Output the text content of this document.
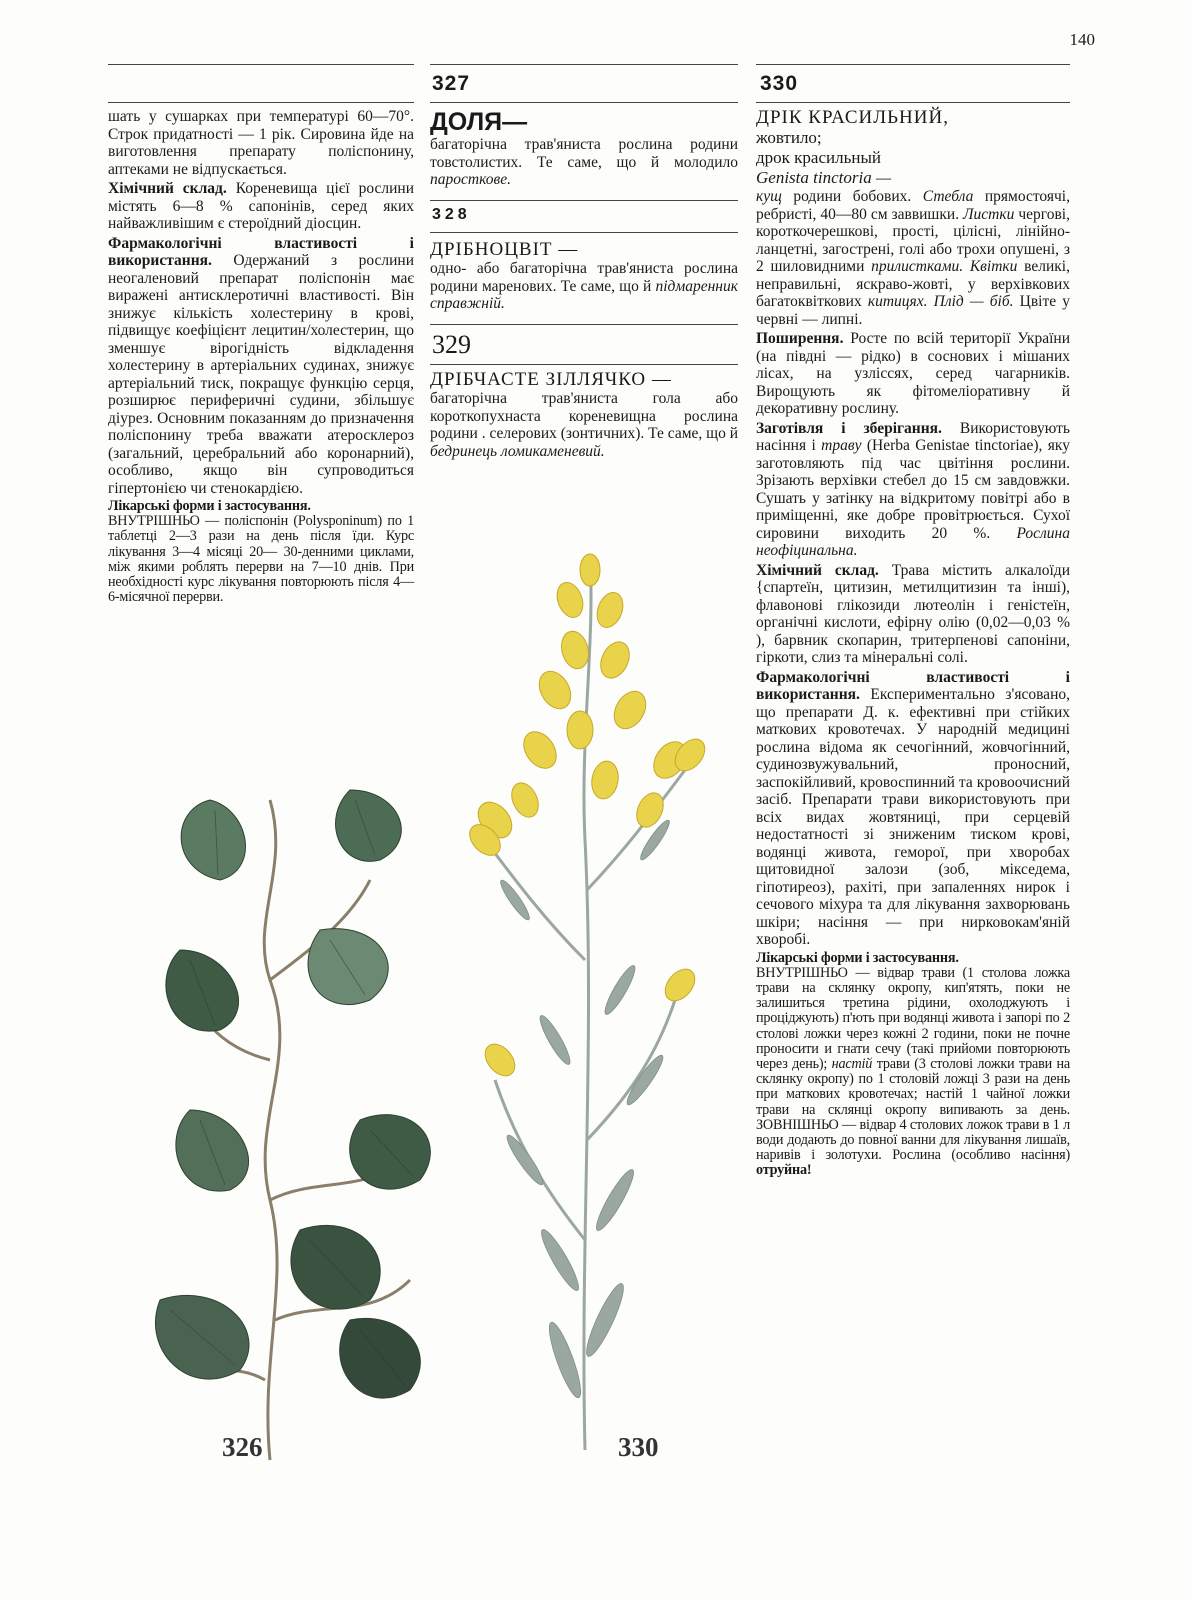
140

шать у сушарках при температурі 60—70°. Строк придатності — 1 рік. Сировина йде на виготовлення препарату поліспонину, аптеками не відпускається.

Хімічний склад. Кореневища цієї рослини містять 6—8 % сапонінів, серед яких найважливішим є стероїдний діосцин.

Фармакологічні властивості і використання. Одержаний з рослини неогаленовий препарат поліспонін має виражені антисклеротичні властивості. Він знижує кількість холестерину в крові, підвищує коефіцієнт лецитин/холестерин, що зменшує вірогідність відкладення холестерину в артеріальних судинах, знижує артеріальний тиск, покращує функцію серця, розширює периферичні судини, збільшує діурез. Основним показанням до призначення поліспонину треба вважати атеросклероз (загальний, церебральний або коронарний), особливо, якщо він супроводиться гіпертонією чи стенокардією.

Лікарські форми і застосування.
ВНУТРІШНЬО — поліспонін (Polysponinum) по 1 таблетці 2—3 рази на день після їди. Курс лікування 3—4 місяці 20— 30-денними циклами, між якими роблять перерви на 7—10 днів. При необхідності курс лікування повторюють після 4—6-місячної перерви.
327
ДОЛЯ—

багаторічна трав'яниста рослина родини товстолистих. Те саме, що й молодило паросткове.

328
ДРІБНОЦВІТ —

одно- або багаторічна трав'яниста рослина родини маренових. Те саме, що й підмаренник справжній.

329
ДРІБЧАСТЕ ЗІЛЛЯЧКО —

багаторічна трав'яниста гола або короткопухнаста кореневищна рослина родини . селерових (зонтичних). Те саме, що й бедринець ломикаменевий.

330
ДРІК КРАСИЛЬНИЙ,
жовтило;
дрок красильный
Genista tinctoria —

кущ родини бобових. Стебла прямостоячі, ребристі, 40—80 см заввишки. Листки чергові, короткочерешкові, прості, цілісні, лінійно-ланцетні, загострені, голі або трохи опушені, з 2 шиловидними прилистками. Квітки великі, неправильні, яскраво-жовті, у верхівкових багатоквіткових китицях. Плід — біб. Цвіте у червні — липні.

Поширення. Росте по всій території України (на півдні — рідко) в соснових і мішаних лісах, на узліссях, серед чагарників. Вирощують як фітомеліоративну й декоративну рослину.

Заготівля і зберігання. Використовують насіння і траву (Herba Genistae tinctoriae), яку заготовляють під час цвітіння рослини. Зрізають верхівки стебел до 15 см завдовжки. Сушать у затінку на відкритому повітрі або в приміщенні, яке добре провітрюється. Сухої сировини виходить 20 %. Рослина неофіцинальна.

Хімічний склад. Трава містить алкалоїди {спартеїн, цитизин, метилцитизин та інші), флавонові глікозиди лютеолін і геністеїн, органічні кислоти, ефірну олію (0,02—0,03 % ), барвник скопарин, тритерпенові сапоніни, гіркоти, слиз та мінеральні солі.

Фармакологічні властивості і використання. Експериментально з'ясовано, що препарати Д. к. ефективні при стійких маткових кровотечах. У народній медицині рослина відома як сечогінний, жовчогінний, судинозвужувальний, проносний, заспокійливий, кровоспинний та кровоочисний засіб. Препарати трави використовують при всіх видах жовтяниці, при серцевій недостатності зі зниженим тиском крові, водянці живота, геморої, при хворобах щитовидної залози (зоб, мікседема, гіпотиреоз), рахіті, при запаленнях нирок і сечового міхура та для лікування захворювань шкіри; насіння — при нирковокам'яній хворобі.

Лікарські форми і застосування.
ВНУТРІШНЬО — відвар трави (1 столова ложка трави на склянку окропу, кип'ятять, поки не залишиться третина рідини, охолоджують і проціджують) п'ють при водянці живота і запорі по 2 столові ложки через кожні 2 години, поки не почне проносити и гнати сечу (такі прийоми повторюють через день); настій трави (3 столові ложки трави на склянку окропу) по 1 столовій ложці 3 рази на день при маткових кровотечах; настій 1 чайної ложки трави на склянці окропу випивають за день. ЗОВНІШНЬО — відвар 4 столових ложок трави в 1 л води додають до повної ванни для лікування лишаїв, наривів і золотухи. Рослина (особливо насіння) отруйна!
326	330
